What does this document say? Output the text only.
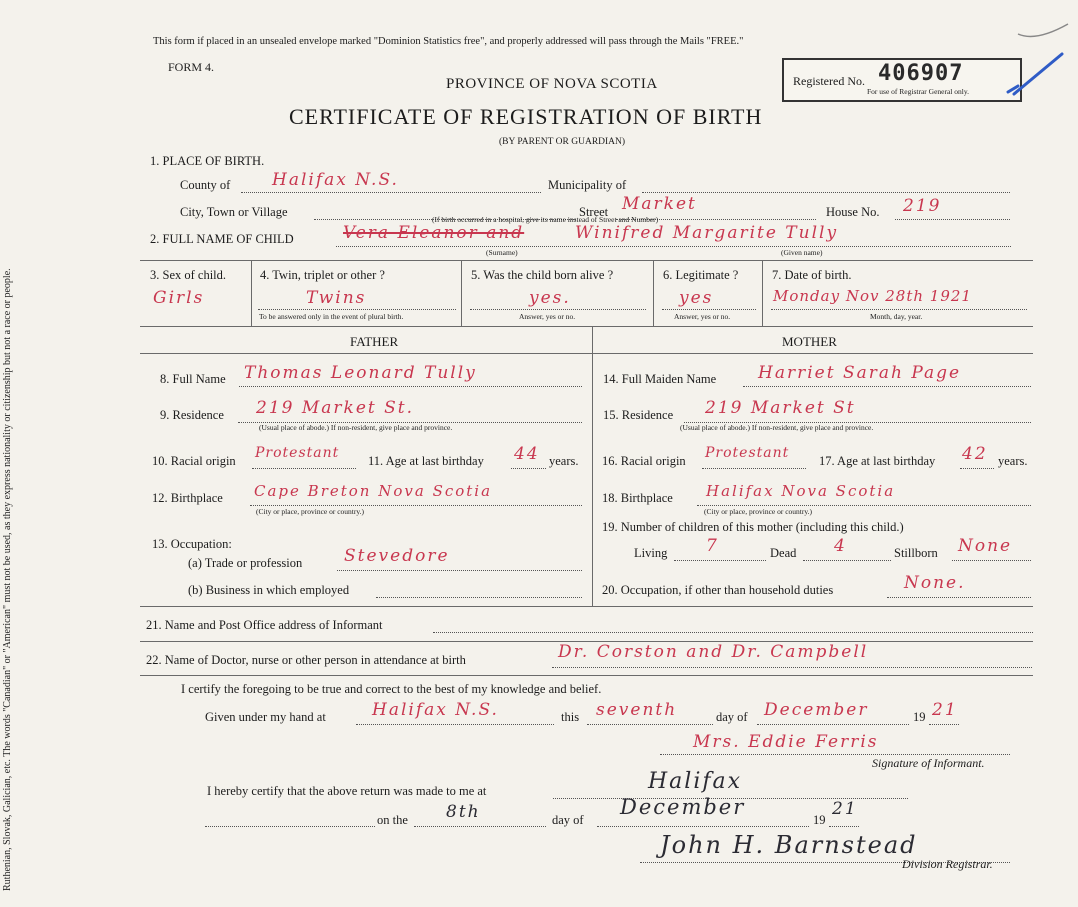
Ruthenian, Slovak, Galician, etc. The words "Canadian" or "American" must not be used, as they express nationality or citizenship but not a race or people.
This form if placed in an unsealed envelope marked "Dominion Statistics free", and properly addressed will pass through the Mails "FREE."
FORM 4.
PROVINCE OF NOVA SCOTIA
CERTIFICATE OF REGISTRATION OF BIRTH
(BY PARENT OR GUARDIAN)
Registered No. 406907
For use of Registrar General only.
1. PLACE OF BIRTH.
County of Halifax N.S.	Municipality of
City, Town or Village	Street Market	House No. 219
(If birth occurred in a hospital, give its name instead of Street and Number)
2. FULL NAME OF CHILD	Vera Eleanor and	Winifred Margarite Tully
(Surname)	(Given name)
3. Sex of child.
Girls
4. Twin, triplet or other ?
Twins
To be answered only in the event of plural birth.
5. Was the child born alive ?
yes.
Answer, yes or no.
6. Legitimate ?
yes
Answer, yes or no.
7. Date of birth.
Monday Nov 28th 1921
Month, day, year.
FATHER	MOTHER
8. Full Name Thomas Leonard Tully
9. Residence 219 Market St.
(Usual place of abode.) If non-resident, give place and province.
10. Racial origin Protestant 11. Age at last birthday 44 years.
12. Birthplace Cape Breton Nova Scotia
(City or place, province or country.)
13. Occupation:
(a) Trade or profession Stevedore
(b) Business in which employed
14. Full Maiden Name Harriet Sarah Page
15. Residence 219 Market St
(Usual place of abode.) If non-resident, give place and province.
16. Racial origin Protestant 17. Age at last birthday 42 years.
18. Birthplace Halifax Nova Scotia
(City or place, province or country.)
19. Number of children of this mother (including this child.)
Living 7	Dead 4	Stillborn None
20. Occupation, if other than household duties	None.
21. Name and Post Office address of Informant
22. Name of Doctor, nurse or other person in attendance at birth	Dr. Corston and Dr. Campbell
I certify the foregoing to be true and correct to the best of my knowledge and belief.
Given under my hand at	Halifax N.S.	this seventh	day of December	19 21
Mrs. Eddie Ferris
Signature of Informant.
I hereby certify that the above return was made to me at	Halifax
on the 8th	day of
December
19
21
John H. Barnstead
Division Registrar.
